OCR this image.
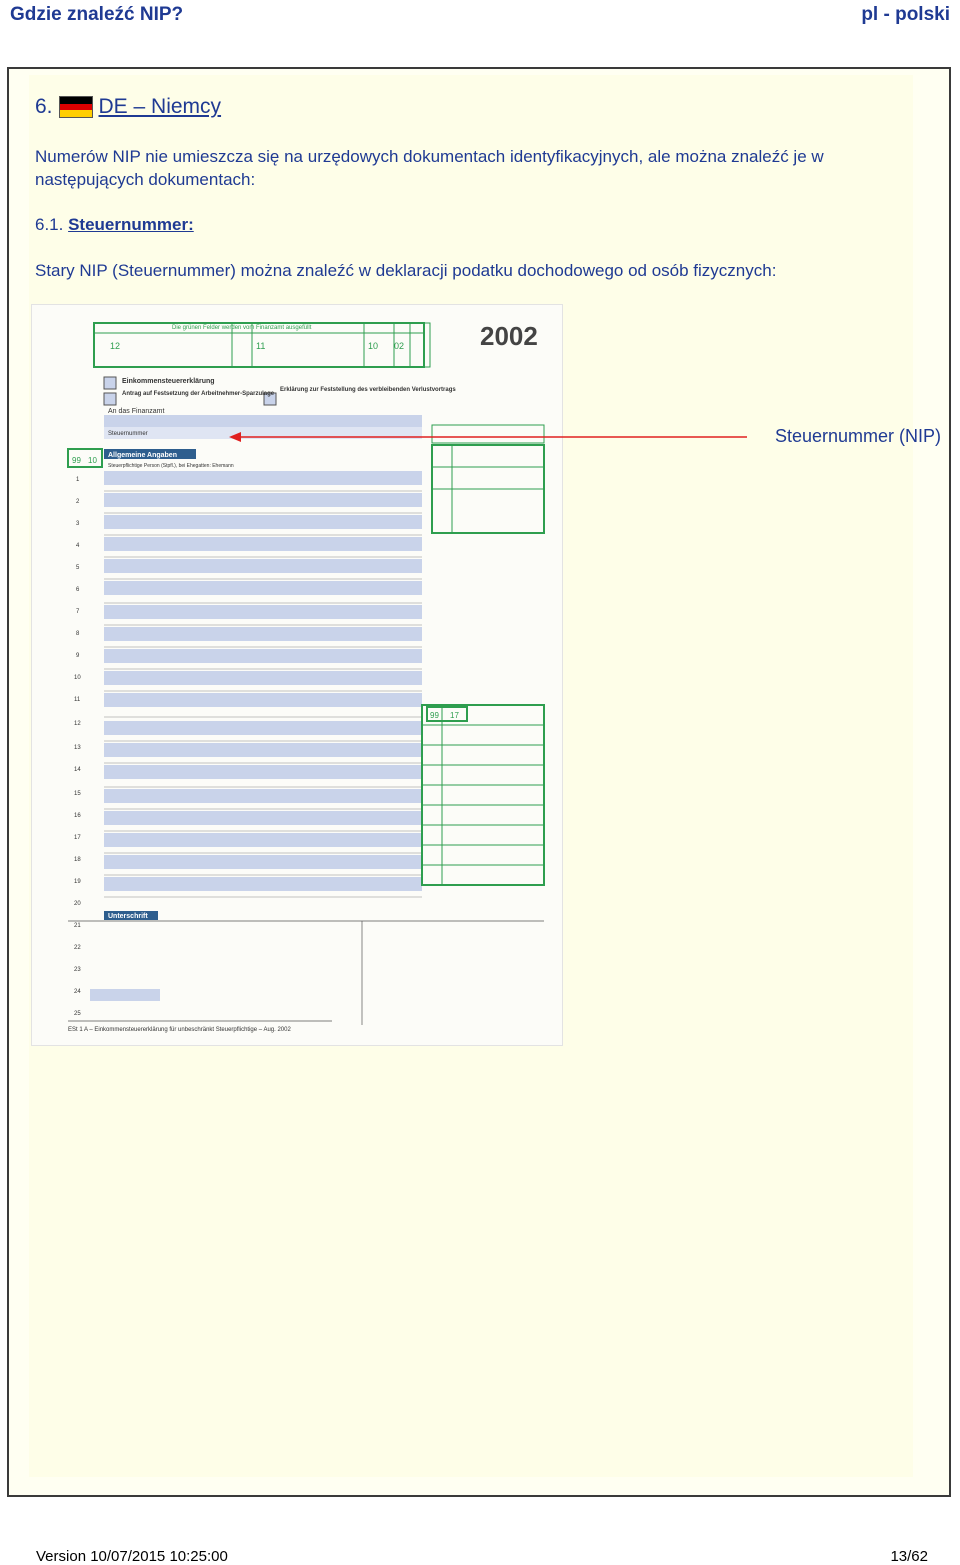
Gdzie znaleźć NIP?	pl - polski
6. DE – Niemcy
Numerów NIP nie umieszcza się na urzędowych dokumentach identyfikacyjnych, ale można znaleźć je w następujących dokumentach:
6.1. Steuernummer:
Stary NIP (Steuernummer) można znaleźć w deklaracji podatku dochodowego od osób fizycznych:
Die grünen Felder werden vom Finanzamt ausgefüllt
12	11	10 02	2002
Einkommensteuererklärung
Antrag auf Festsetzung der Arbeitnehmer-Sparzulage
Erklärung zur Feststellung des verbleibenden Verlustvortrags
An das Finanzamt
Steuernummer
99 10
Allgemeine Angaben
Steuerpflichtige Person (Stpfl.), bei Ehegatten: Ehemann
1
2
3
4
5
6
7
8
9
10
11
12
13
14
15
16
17
18
19
20
21
22
23
24
25
99 17
Unterschrift
ESt 1 A – Einkommensteuererklärung für unbeschränkt Steuerpflichtige – Aug. 2002
Steuernummer (NIP)
Version 10/07/2015 10:25:00	13/62
